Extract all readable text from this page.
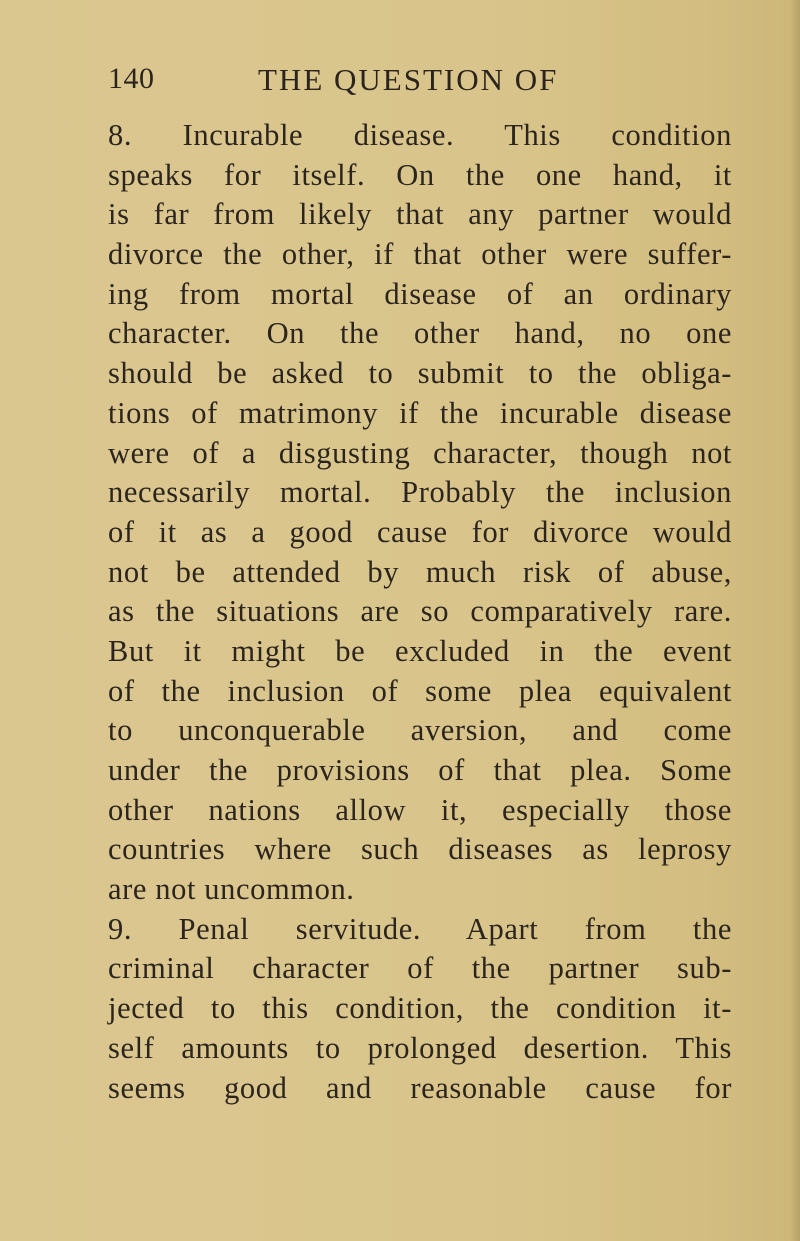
140	THE QUESTION OF
8. Incurable disease. This condition
speaks for itself. On the one hand, it
is far from likely that any partner would
divorce the other, if that other were suffer-
ing from mortal disease of an ordinary
character. On the other hand, no one
should be asked to submit to the obliga-
tions of matrimony if the incurable disease
were of a disgusting character, though not
necessarily mortal. Probably the inclusion
of it as a good cause for divorce would
not be attended by much risk of abuse,
as the situations are so comparatively rare.
But it might be excluded in the event
of the inclusion of some plea equivalent
to unconquerable aversion, and come
under the provisions of that plea. Some
other nations allow it, especially those
countries where such diseases as leprosy
are not uncommon.
9. Penal servitude. Apart from the
criminal character of the partner sub-
jected to this condition, the condition it-
self amounts to prolonged desertion. This
seems good and reasonable cause for
